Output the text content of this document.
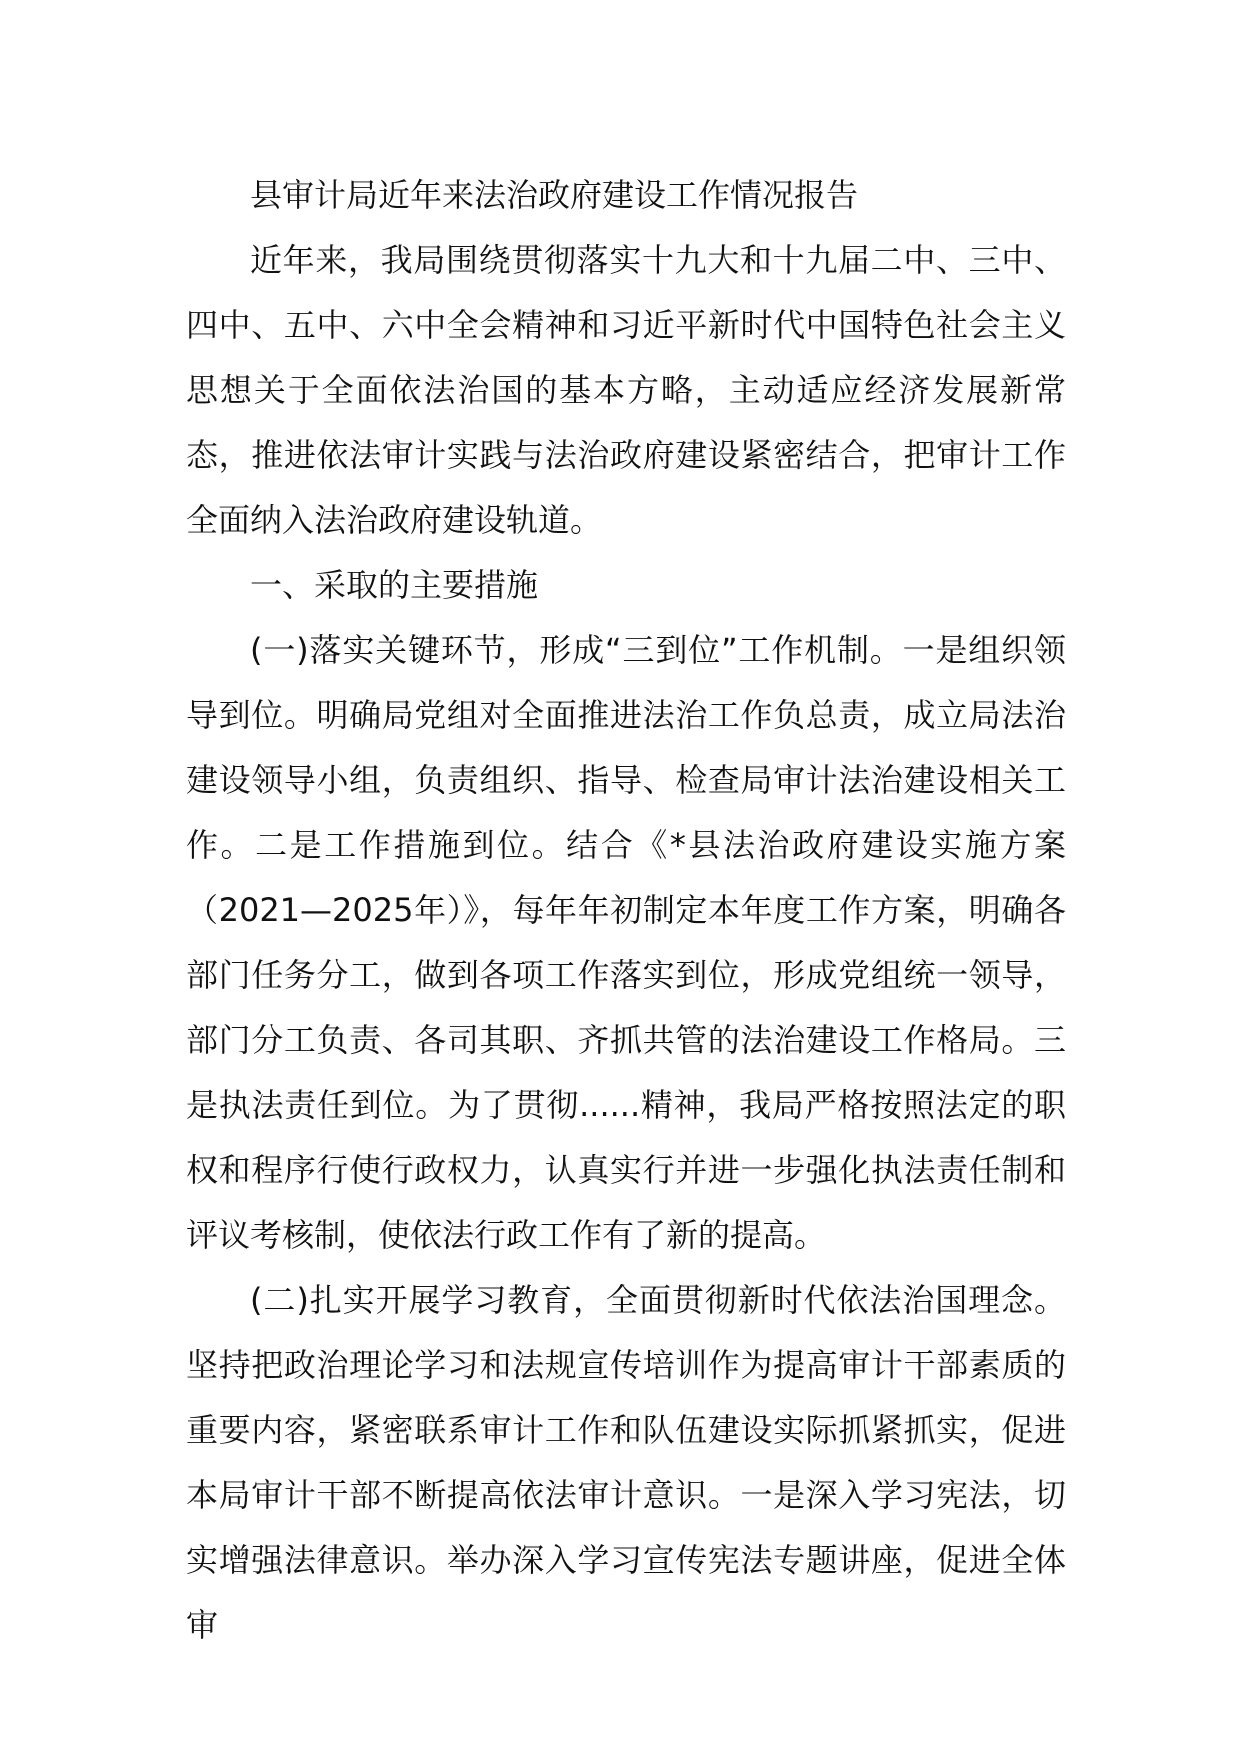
县审计局近年来法治政府建设工作情况报告

近年来，我局围绕贯彻落实十九大和十九届二中、三中、四中、五中、六中全会精神和习近平新时代中国特色社会主义思想关于全面依法治国的基本方略，主动适应经济发展新常态，推进依法审计实践与法治政府建设紧密结合，把审计工作全面纳入法治政府建设轨道。

一、采取的主要措施

(一)落实关键环节，形成“三到位”工作机制。一是组织领导到位。明确局党组对全面推进法治工作负总责，成立局法治建设领导小组，负责组织、指导、检查局审计法治建设相关工作。二是工作措施到位。结合《*县法治政府建设实施方案（2021—2025年）》，每年年初制定本年度工作方案，明确各部门任务分工，做到各项工作落实到位，形成党组统一领导，部门分工负责、各司其职、齐抓共管的法治建设工作格局。三是执法责任到位。为了贯彻......精神，我局严格按照法定的职权和程序行使行政权力，认真实行并进一步强化执法责任制和评议考核制，使依法行政工作有了新的提高。

(二)扎实开展学习教育，全面贯彻新时代依法治国理念。坚持把政治理论学习和法规宣传培训作为提高审计干部素质的重要内容，紧密联系审计工作和队伍建设实际抓紧抓实，促进本局审计干部不断提高依法审计意识。一是深入学习宪法，切实增强法律意识。举办深入学习宣传宪法专题讲座，促进全体审
